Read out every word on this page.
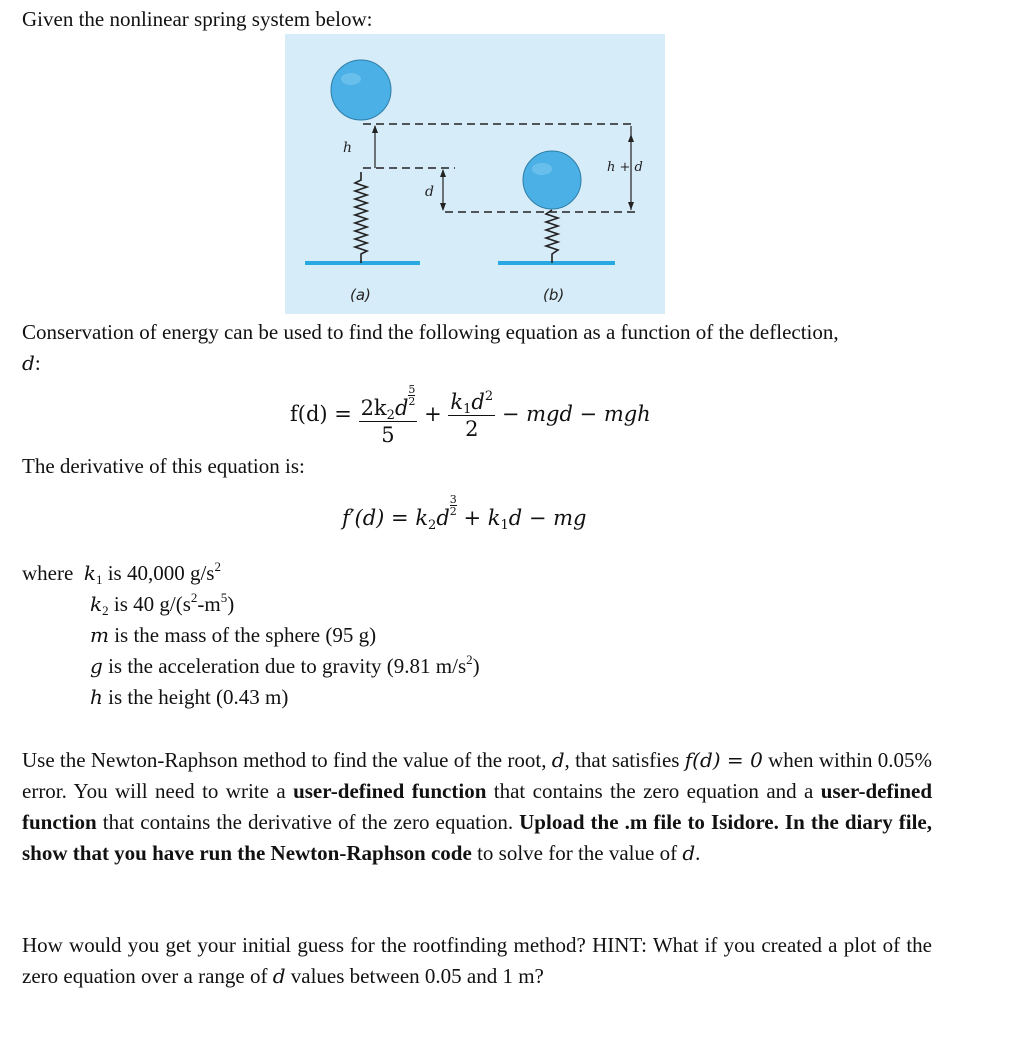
Given the nonlinear spring system below:
h
d
h + d
(a)	(b)
Conservation of energy can be used to find the following equation as a function of the deflection,
d:
$f(d) = 2k_2d$
$\frac{5}{2}$
$5 + \frac{k_1d^2}{2}$ − mgd − mgh
The derivative of this equation is:
$f'(d) = k_2d$
$\frac{3}{2}$
+ $k_1d$ − mg
where $k_1$ is 40,000 $g/s^2$
$k_2$ is 40 $g/(s^2-m^5)$
m is the mass of the sphere (95 g)
g is the acceleration due to gravity (9.81 $m/s^2$)
h is the height (0.43 m)
Use the Newton-Raphson method to find the value of the root, d, that satisfies f(d) = 0 when within 0.05% error. You will need to write a user-defined function that contains the zero equation and a user-defined function that contains the derivative of the zero equation. Upload the .m file to Isidore. In the diary file, show that you have run the Newton-Raphson code to solve for the value of d.
How would you get your initial guess for the rootfinding method? HINT: What if you created a plot of the zero equation over a range of d values between 0.05 and 1 m?
